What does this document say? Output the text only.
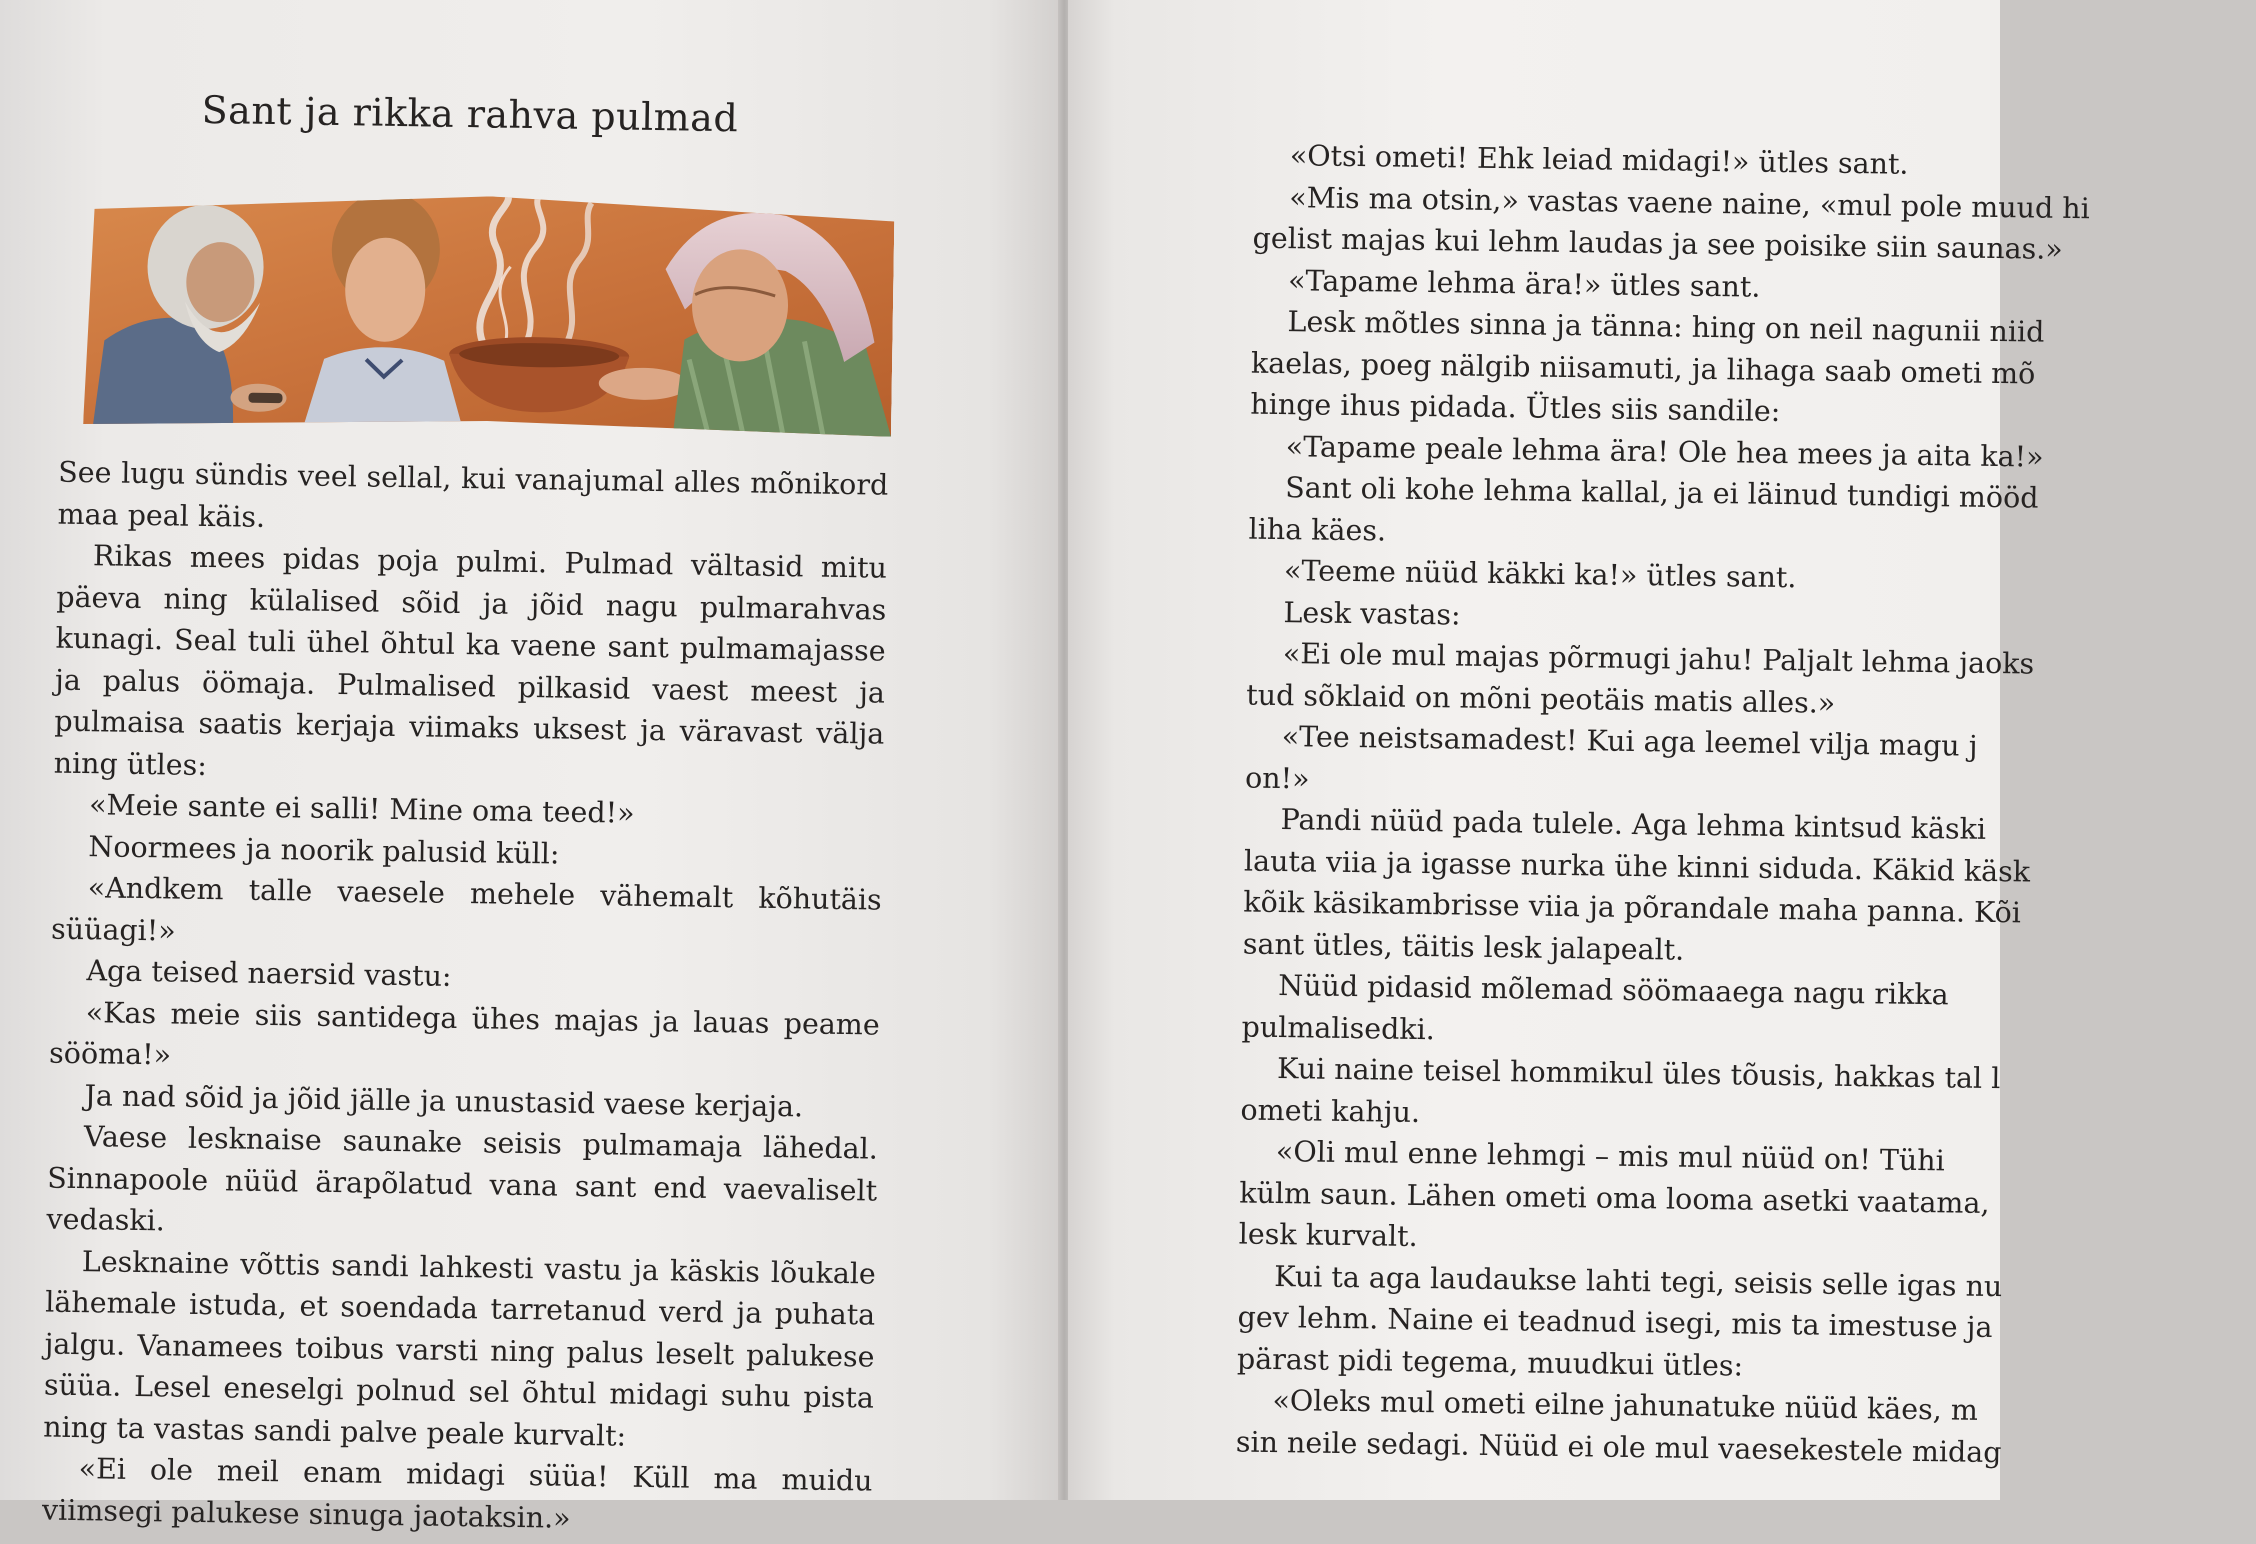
Sant ja rikka rahva pulmad

See lugu sündis veel sellal, kui vanajumal alles mõnikord maa peal käis.

Rikas mees pidas poja pulmi. Pulmad vältasid mitu päeva ning külalised sõid ja jõid nagu pulmarahvas kunagi. Seal tuli ühel õhtul ka vaene sant pulmamajasse ja palus öömaja. Pulmalised pilkasid vaest meest ja pulmaisa saatis kerjaja viimaks uksest ja väravast välja ning ütles:

«Meie sante ei salli! Mine oma teed!»

Noormees ja noorik palusid küll:

«Andkem talle vaesele mehele vähemalt kõhutäis süüagi!»

Aga teised naersid vastu:

«Kas meie siis santidega ühes majas ja lauas peame sööma!»

Ja nad sõid ja jõid jälle ja unustasid vaese kerjaja.

Vaese lesknaise saunake seisis pulmamaja lähedal. Sinnapoole nüüd ärapõlatud vana sant end vaevaliselt vedaski.

Lesknaine võttis sandi lahkesti vastu ja käskis lõukale lähemale istuda, et soendada tarretanud verd ja puhata jalgu. Vanamees toibus varsti ning palus leselt palukese süüa. Lesel eneselgi polnud sel õhtul midagi suhu pista ning ta vastas sandi palve peale kurvalt:

«Ei ole meil enam midagi süüa! Küll ma muidu viimsegi palukese sinuga jaotaksin.»

«Otsi ometi! Ehk leiad midagi!» ütles sant.

«Mis ma otsin,» vastas vaene naine, «mul pole muud hi

gelist majas kui lehm laudas ja see poisike siin saunas.»

«Tapame lehma ära!» ütles sant.

Lesk mõtles sinna ja tänna: hing on neil nagunii niid

kaelas, poeg nälgib niisamuti, ja lihaga saab ometi mõ

hinge ihus pidada. Ütles siis sandile:

«Tapame peale lehma ära! Ole hea mees ja aita ka!»

Sant oli kohe lehma kallal, ja ei läinud tundigi mööd

liha käes.

«Teeme nüüd käkki ka!» ütles sant.

Lesk vastas:

«Ei ole mul majas põrmugi jahu! Paljalt lehma jaoks

tud sõklaid on mõni peotäis matis alles.»

«Tee neistsamadest! Kui aga leemel vilja magu j

on!»

Pandi nüüd pada tulele. Aga lehma kintsud käski

lauta viia ja igasse nurka ühe kinni siduda. Käkid käsk

kõik käsikambrisse viia ja põrandale maha panna. Kõi

sant ütles, täitis lesk jalapealt.

Nüüd pidasid mõlemad söömaaega nagu rikka

pulmalisedki.

Kui naine teisel hommikul üles tõusis, hakkas tal l

ometi kahju.

«Oli mul enne lehmgi – mis mul nüüd on! Tühi

külm saun. Lähen ometi oma looma asetki vaatama,

lesk kurvalt.

Kui ta aga laudaukse lahti tegi, seisis selle igas nu

gev lehm. Naine ei teadnud isegi, mis ta imestuse ja

pärast pidi tegema, muudkui ütles:

«Oleks mul ometi eilne jahunatuke nüüd käes, m

sin neile sedagi. Nüüd ei ole mul vaesekestele midag
